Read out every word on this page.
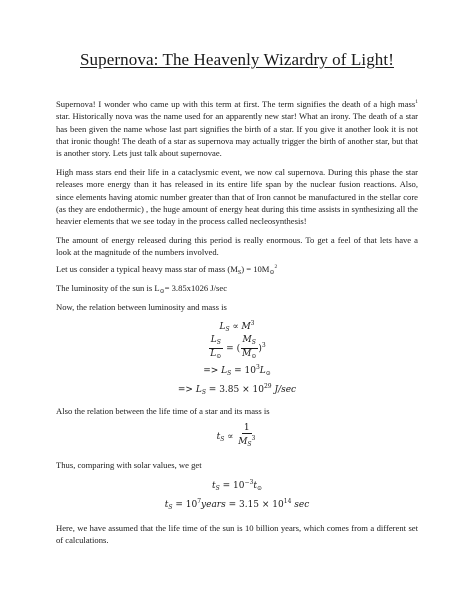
Supernova: The Heavenly Wizardry of Light!

Supernova! I wonder who came up with this term at first. The term signifies the death of a high mass$^1$ star. Historically nova was the name used for an apparently new star! What an irony. The death of a star has been given the name whose last part signifies the birth of a star. If you give it another look it is not that ironic though! The death of a star as supernova may actually trigger the birth of another star, but that is another story. Lets just talk about supernovae.

High mass stars end their life in a cataclysmic event, we now cal supernova. During this phase the star releases more energy than it has released in its entire life span by the nuclear fusion reactions. Also, since elements having atomic number greater than that of Iron cannot be manufactured in the stellar core (as they are endothermic) , the huge amount of energy heat during this time assists in synthesizing all the heavier elements that we see today in the process called necleosynthesis!

The amount of energy released during this period is really enormous. To get a feel of that lets have a look at the magnitude of the numbers involved.

Let us consider a typical heavy mass star of mass $(M_S) = 10M_⊙^2$

The luminosity of the sun is $L_⊙= 3.85x1026$ J/sec

Now, the relation between luminosity and mass is

$L_S \propto M^3$
$\frac{L_S}{L_⊙}$ = ( $\frac{M_S}{M_⊙} )^3$
=> $L_S = 10^3L_⊙$
=> $L_S = 3.85 \times 10^{29}$ J/sec

Also the relation between the life time of a star and its mass is

$t_S \propto \frac{1}{M_S^3}$

Thus, comparing with solar values, we get

$t_S = 10^{-3}t_⊙$
$t_S$ = $10^7years = 3.15 \times 10^{14}$ sec

Here, we have assumed that the life time of the sun is 10 billion years, which comes from a different set of calculations.
